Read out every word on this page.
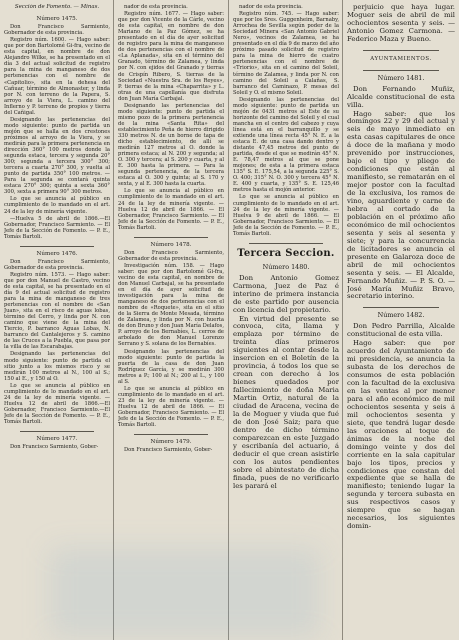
Sección de Fomento. — Minas.
Número 1475.

Don Francisco Sarmiento, Gobernador de esta provincia.

Registro núm. 1600. — Hago saber: que por don Bartolomé Gi-fra, vecino de esta capital, en nombre de don Alejandro Wilke, se ha presentado en el día 3 del actual solicitud de registro para la mina de manganeso de dos pertenencias con el nombre de «Capitolio», sita en la dehesa del Cañuar, término de Almonaster, y linda por N. con terreno de la Papera, S. arroyo de la Viera, L. camino del Inflerno y P. terreno de propios y tierra del Cañigal.

Designando las pertenencias del modo siguiente: punto de partida un mojón que se halla en dos crestones próximos al arroyo de la Viera, y se medirán para la primera pertenencia en dirección 360° 100 metros donde la segunda estaca, tercera y segunda 20° 300; segunda a tercera 300° 300; tercera a cuarta 270° 300, y vuelta al punto de partida 350° 100 metros. — Para la segunda se contará quinta estaca 270° 300; quinta a sexta 360° 300, sexta a primera 90° 300 metros.

Lo que se anuncia al público en cumplimiento de lo mandado en el art. 24 de la ley de minería vigente.

—Huelva 5 de abril de 1866.—El Gobernador, Francisco Sarmiento. — El Jefe de la Sección de Fomento. — P. E., Tomás Bartoli.

Número 1476.

Don Francisco Sarmiento, Gobernador de esta provincia.

Registro núm. 1573. — Hago saber: que por don Manuel de Castro, vecino de esta capital, se ha presentado en el día 9 del actual solicitud de registro para la mina de manganeso de tres pertenencias con el nombre de «San Juan», sita en el risco de aguas lobas, término del Cerro, y linda por N. con camino que viene de la mina del Tiercio, P. barranco Aguas Lobas, N. barranco del Cantalejeros y S. camino de las Cruces a la Puebla, que pasa por la villa de las Escarabajas.

Designando las pertenencias del modo siguiente: punto de partida el sitio junto a los mismos risco y se medirán 100 metros al N., 100 al S.; 150 al E., y 150 al O.

Lo que se anuncia al público en cumplimiento de lo mandado en el art. 24 de la ley de minería vigente. — Huelva 12 de abril de 1866.—El Gobernador, Francisco Sarmiento.—El Jefe de la Sección de Fomento. — P. E., Tomás Bartoli.

Número 1477.

Don Francisco Sarmiento, Gober-

nador de esta provincia.

Registro núm. 1677. — Hago saber: que por don Vicente de la Cárle, vecino de esta capital, en nombre de don Mariano de la Paz Gómez, se ha presentado en el día de ayer solicitud de registro para la mina de manganeso de dos pertenencias con el nombre de «La Aplanada», sita en el término del Granado, término de Zalamea, y linda por N. con ejidos del Granado y tierras de Crispín Ribero, S. tierras de la Sociedad «Nuestra Sra. de los Reyes», P. tierras de la mina «Chaparrita» y L. otras de una capellanía que disfruta don Juan María Carbajal.

Designando las pertenencias del modo siguiente: punto de partida el mismo pozo de la primera pertenencia de la mina «Santa Rita» del establecimiento Peña de hierro dirigido 330 metros N. de un borne de tapa de dicho establecimiento, de allí se medirán 127 metros al O. donde la primera estaca; al N. 200 y segunda; al O. 300 y tercera; al S. 200 y cuarta, y al E. 300 hasta la primera. — Para la segunda pertenencia, de la tercera estaca al O. 300 y quinta; al S. 170 y sexta, y al E. 300 hasta la cuarta.

Lo que se anuncia al público en cumplimiento de lo mandado en el art. 24 de la ley de minería vigente. —Huelva 12 de abril de 1866. — El Gobernador, Francisco Sarmiento. — El Jefe de la Sección de Fomento. — P. E., Tomás Bartoli.

Número 1478.

Don Francisco Sarmiento, Gobernador de esta provincia.

Investigación núm. 158. — Hago saber: que por don Bartolomé Gi-fra, vecino de esta capital, en nombre de don Manuel Carbajal, se ha presentado en el día de ayer solicitud de investigación para la mina de manganeso de dos pertenencias con el nombre de «Roquete», sita en el sitio de la Sierra de Monte Mesada, término de Zalamea, y linda por N. con huerta de don Bruno y don Juan María Delafos, P. arroyo de los Bernabíes, L. cerros de arbolado de don Manuel Lorenzo Serrano y S. solana de los Bernabíes.

Designando las pertenencias del modo siguiente: punto de partida la puerta de la casa de don Juan Rodríguez García, y se medirán 300 metros a P.; 100 al N.; 200 al L., y 100 al S.

Lo que se anuncia al público en cumplimiento de lo mandado en el art. 23 de la ley de minería vigente. —Huelva 12 de abril de 1866. — El Gobernador, Francisco Sarmiento. — El Jefe de la Sección de Fomento. — P. E., Tomás Bartoli.

Número 1479.

Don Francisco Sarmiento, Gober-

nador de esta provincia.

Registro núm. 745. — Hago saber: que por los Sres. Guggenheim, Barnaby, Arrochea de Sevilla según poder de la Sociedad Minera «San Antonio Gabriel Nero», vecinos de Zalamea, se ha presentado en el día 9 de marzo del año próximo pasado solicitud de registro para la mina de hierro de cuatro pertenencias con el nombre de «Triorio», sita en el camino del Soleil, término de Zalamea, y linda por N. con camino del Soleil a Calañas, S. barranco del Caminazo, P. mesas del Soleil y O. el mismo Soleil.

Designando las pertenencias del modo siguiente: punto de partida un mojón de 0431 metros al Este de su horizonte del camino del Soleil y el cual mancha en el centro del cabezo y cuya línea está en el barranquillo y se extiende una línea recta 45° N. E. a la estaca E. de una casa dando dentro y distante 47,45 metros del punto de partida, desde el que se medirán 45° N. E. 78,47 metros al que se pone mojones; de esta a la primera estaca 135° S. E. 175,54, a la segunda 225° S. O. 400; 315° N. O. 300 y tercera 45° N. E. 400 y cuarta, y 135° S. E. 125,46 metros hasta el mojón anterior.

Lo que se anuncia al público en cumplimiento de lo mandado en el art. 24 de la ley de minería vigente. —Huelva 9 de abril de 1866. — El Gobernador, Francisco Sarmiento. — El Jefe de la Sección de Fomento. — P. E., Tomás Bartoli.

Tercera Seccion.
Número 1480.

Don Antonio Gomez Carmona, Juez de Paz é interino de primera instancia de este partido por ausencia con licencia del propietario.

En virtud del presente se convoca, cita, llama y emplaza por término de treinta días primeros siguientes al contar desde la insercion en el Boletín de la provincia, á todos los que se crean con derecho á los bienes quedados por fallecimiento de doña Maria Martin Ortiz, natural de la ciudad de Aracena, vecina de la de Moguer y viuda que fué de don José Saiz; para que dentro de dicho término comparezcan en este Juzgado y escribanía del actuario, á deducir el que crean asistirle con los autos pendientes sobre el abintestato de dicha finada, pues de no verificarlo les parará el

perjuicio que haya lugar. Moguer seis de abril de mil ochocientos sesenta y seis. — Antonio Gomez Carmona. — Federico Maza y Bueno.

AYUNTAMIENTOS.
Número 1481.

Don Fernando Muñiz, Alcalde constitucional de esta villa.

Hago saber: que los domingos 22 y 29 del actual y seis de mayo inmediato en esta casas capitulares de once á doce de la mañana y modo prevenido por instrucciones, bajo el tipo y pliego de condiciones que están al manifiesto, se rematarán en el mejor postor con la facultad de la exclusiva, los ramos de vino, aguardiente y carne de hebra al cortado de la población en el próximo año económico de mil ochocientos sesenta y seis al sesenta y siete; y para la concurrencia de licitadores se anuncia el presente en Galaroza doce de abril de mil ochocientos sesenta y seis. — El Alcalde, Fernando Muñiz. — P. S. O. — José María Muñiz Bravo, secretario interino.

Número 1482.

Don Pedro Parrilla, Alcalde constitucional de esta villa.

Hago saber: que por acuerdo del Ayuntamiento de mi presidencia, se anuncia la subasta de los derechos de consumos de esta población con la facultad de la exclusiva en las ventas al por menor para el año económico de mil ochocientos sesenta y seis á mil ochocientos sesenta y siete, que tendrá lugar desde las oraciones al toque de ánimas de la noche del domingo veinte y dos del corriente en la sala capitular bajo los tipos, precios y condiciones que constan del expediente que se halla de manifiesto; teniendo lugar la segunda y tercera subasta en sus respectivos casos y siempre que se hagan necesarios, los siguientes domin-
